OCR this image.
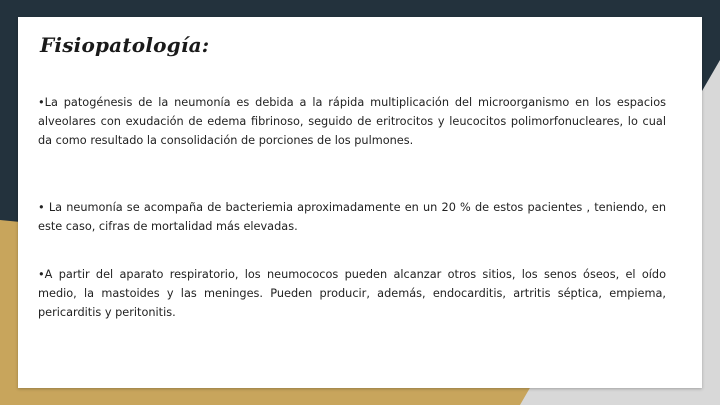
Fisiopatología:

•La patogénesis de la neumonía es debida a la rápida multiplicación del microorganismo en los espacios alveolares con exudación de edema fibrinoso, seguido de eritrocitos y leucocitos polimorfonucleares, lo cual da como resultado la consolidación de porciones de los pulmones.

• La neumonía se acompaña de bacteriemia aproximadamente en un 20 % de estos pacientes , teniendo, en este caso, cifras de mortalidad más elevadas.

•A partir del aparato respiratorio, los neumococos pueden alcanzar otros sitios, los senos óseos, el oído medio, la mastoides y las meninges. Pueden producir, además, endocarditis, artritis séptica, empiema, pericarditis y peritonitis.
